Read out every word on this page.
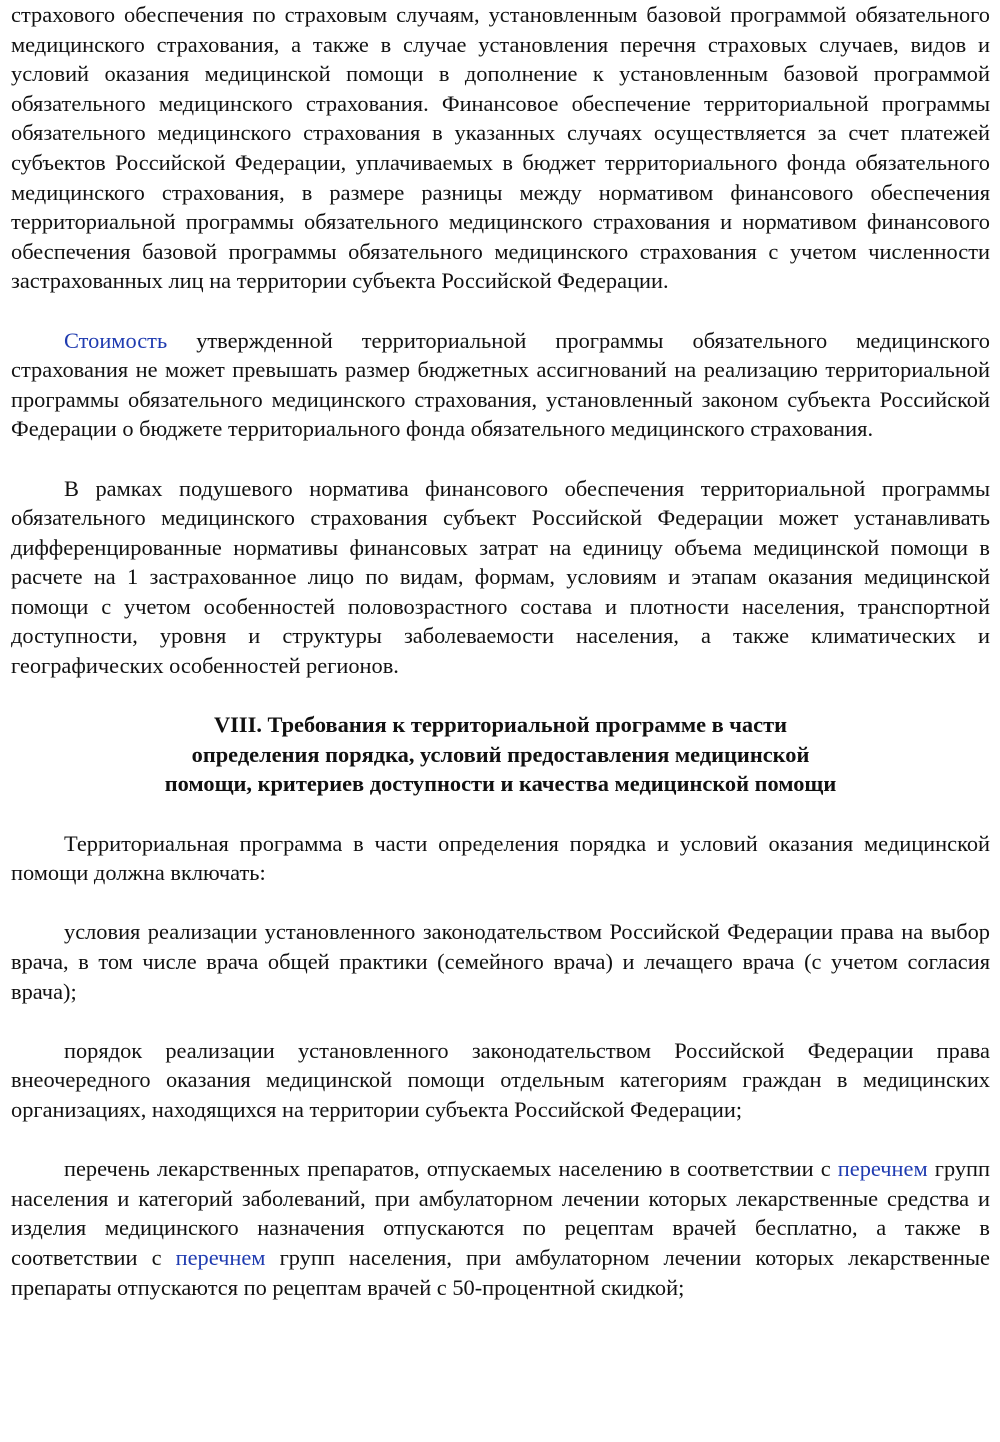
страхового обеспечения по страховым случаям, установленным базовой программой обязательного медицинского страхования, а также в случае установления перечня страховых случаев, видов и условий оказания медицинской помощи в дополнение к установленным базовой программой обязательного медицинского страхования. Финансовое обеспечение территориальной программы обязательного медицинского страхования в указанных случаях осуществляется за счет платежей субъектов Российской Федерации, уплачиваемых в бюджет территориального фонда обязательного медицинского страхования, в размере разницы между нормативом финансового обеспечения территориальной программы обязательного медицинского страхования и нормативом финансового обеспечения базовой программы обязательного медицинского страхования с учетом численности застрахованных лиц на территории субъекта Российской Федерации.

Стоимость утвержденной территориальной программы обязательного медицинского страхования не может превышать размер бюджетных ассигнований на реализацию территориальной программы обязательного медицинского страхования, установленный законом субъекта Российской Федерации о бюджете территориального фонда обязательного медицинского страхования.

В рамках подушевого норматива финансового обеспечения территориальной программы обязательного медицинского страхования субъект Российской Федерации может устанавливать дифференцированные нормативы финансовых затрат на единицу объема медицинской помощи в расчете на 1 застрахованное лицо по видам, формам, условиям и этапам оказания медицинской помощи с учетом особенностей половозрастного состава и плотности населения, транспортной доступности, уровня и структуры заболеваемости населения, а также климатических и географических особенностей регионов.

VIII. Требования к территориальной программе в части
определения порядка, условий предоставления медицинской
помощи, критериев доступности и качества медицинской помощи

Территориальная программа в части определения порядка и условий оказания медицинской помощи должна включать:

условия реализации установленного законодательством Российской Федерации права на выбор врача, в том числе врача общей практики (семейного врача) и лечащего врача (с учетом согласия врача);

порядок реализации установленного законодательством Российской Федерации права внеочередного оказания медицинской помощи отдельным категориям граждан в медицинских организациях, находящихся на территории субъекта Российской Федерации;

перечень лекарственных препаратов, отпускаемых населению в соответствии с перечнем групп населения и категорий заболеваний, при амбулаторном лечении которых лекарственные средства и изделия медицинского назначения отпускаются по рецептам врачей бесплатно, а также в соответствии с перечнем групп населения, при амбулаторном лечении которых лекарственные препараты отпускаются по рецептам врачей с 50-процентной скидкой;
